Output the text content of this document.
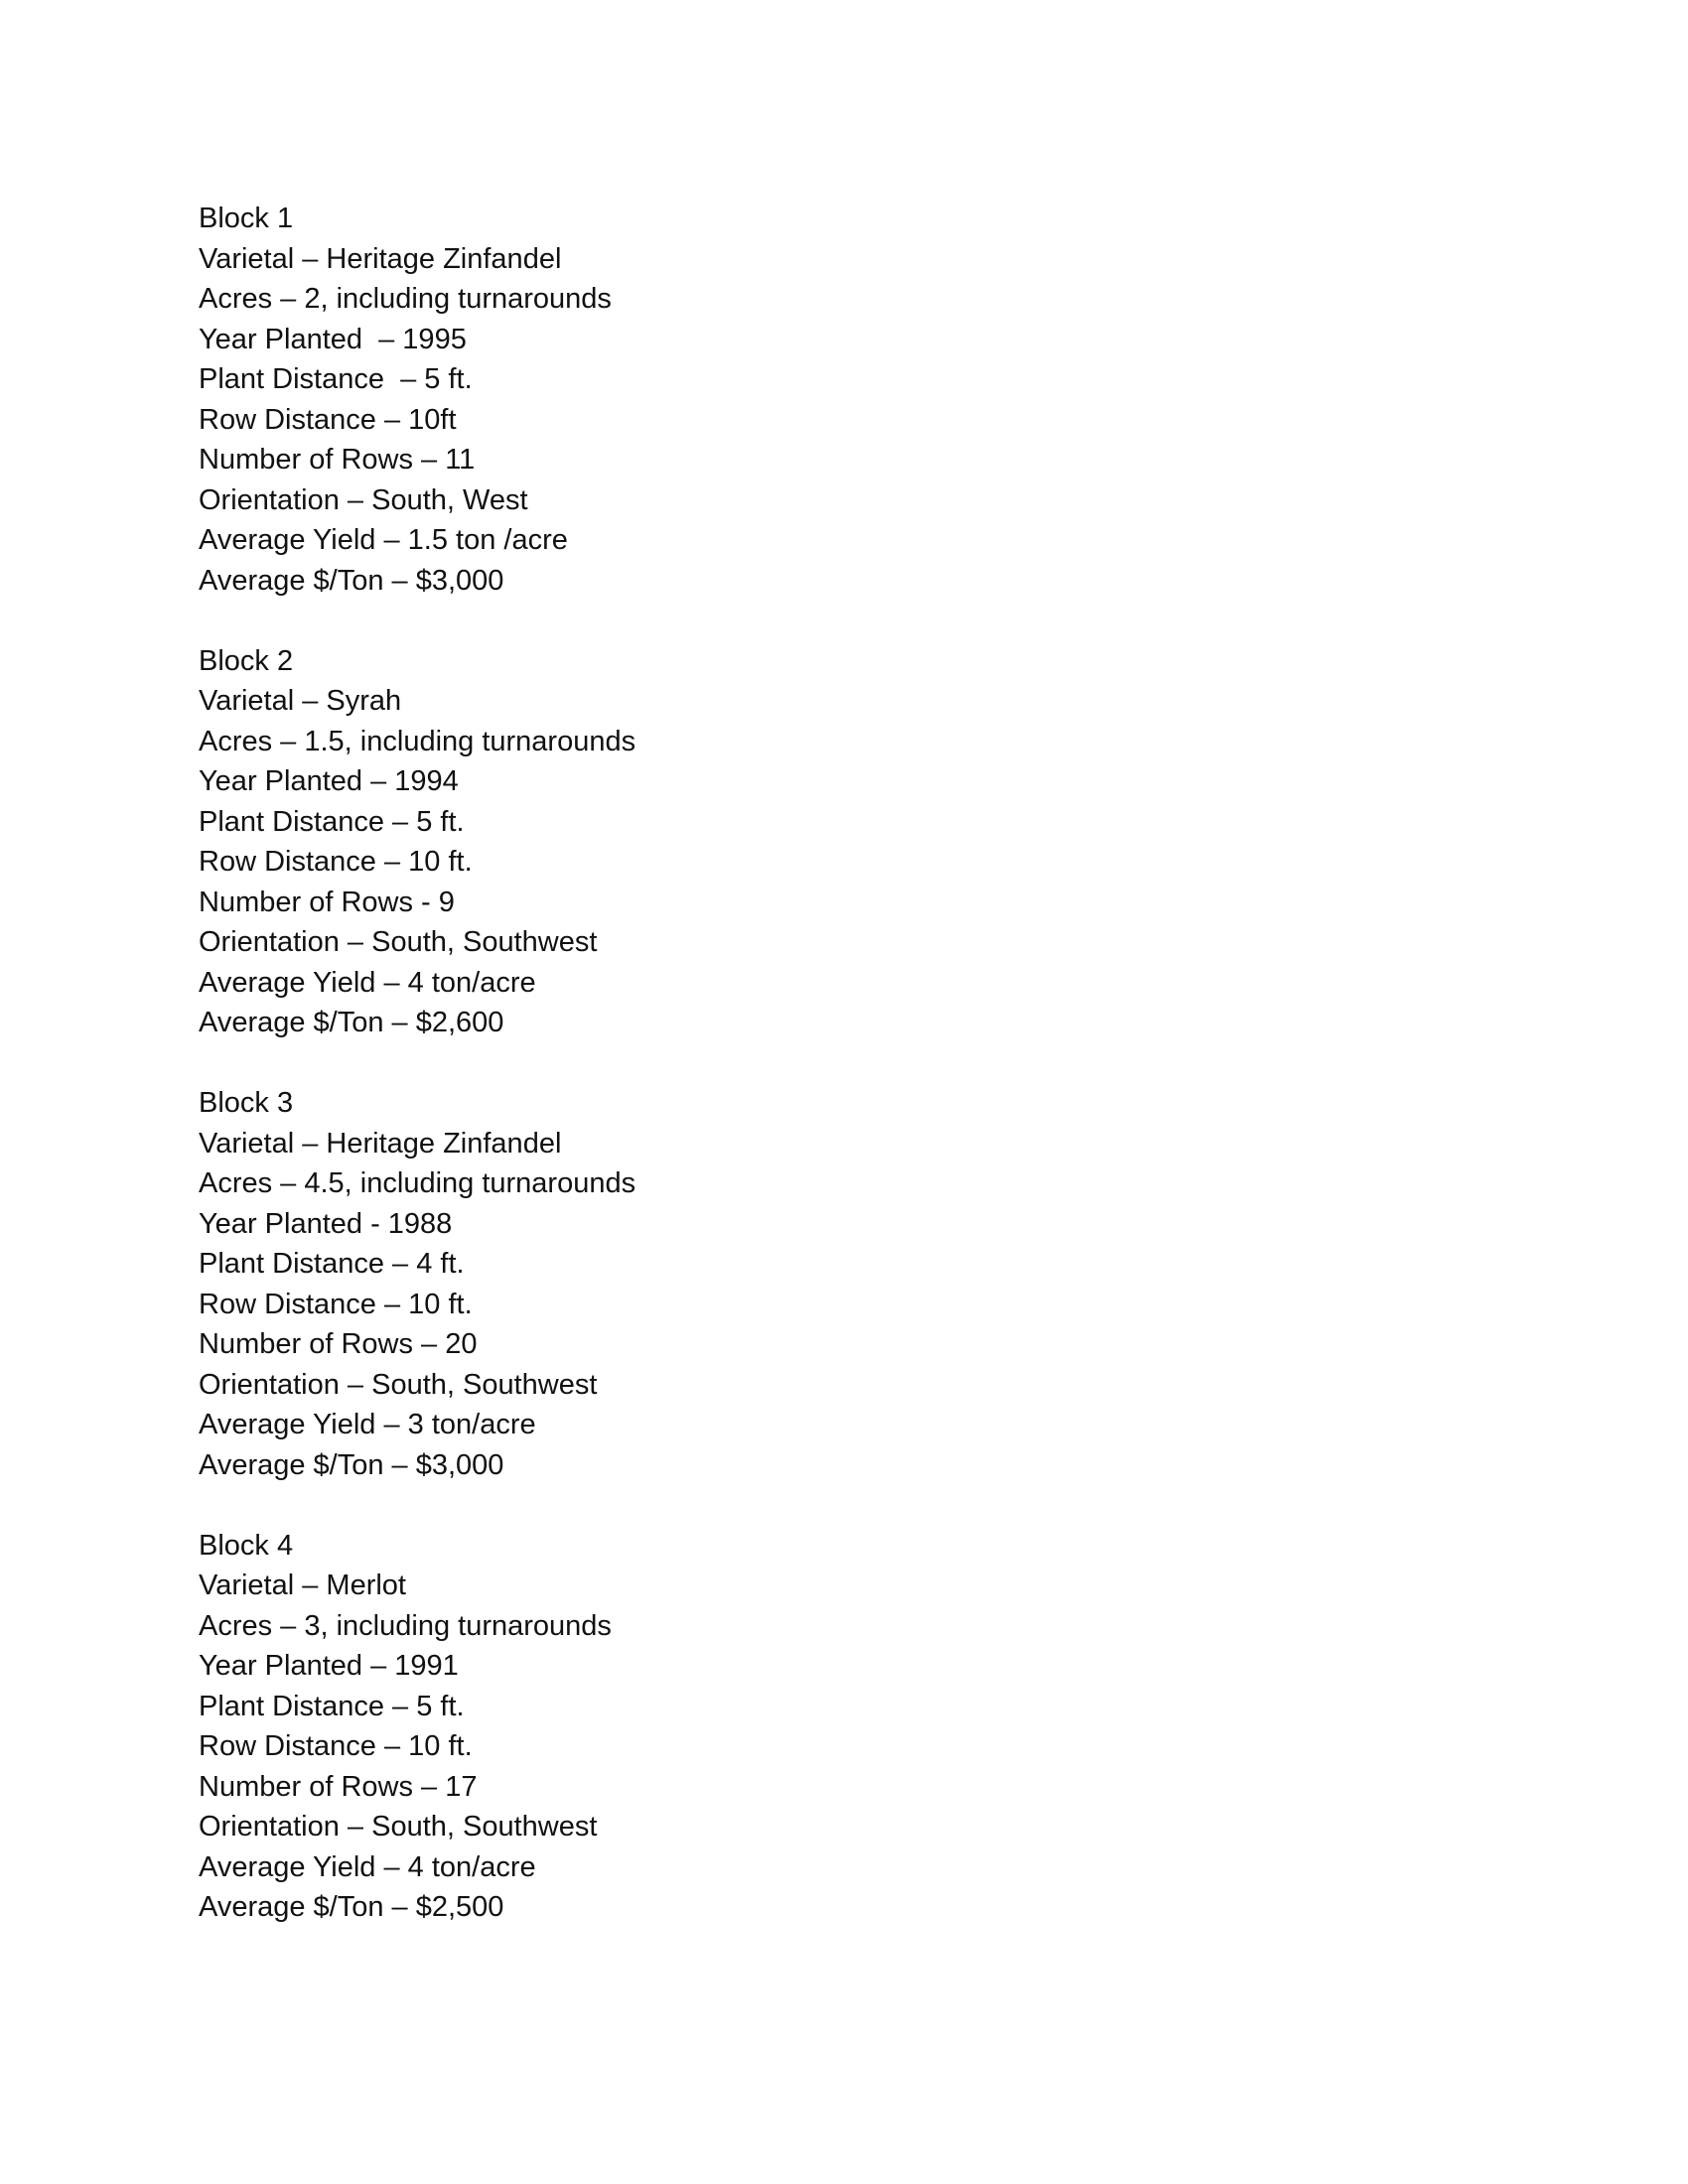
Block 1
Varietal – Heritage Zinfandel
Acres – 2, including turnarounds
Year Planted  – 1995
Plant Distance  – 5 ft.
Row Distance – 10ft
Number of Rows – 11
Orientation – South, West
Average Yield – 1.5 ton /acre
Average $/Ton – $3,000
Block 2
Varietal – Syrah
Acres – 1.5, including turnarounds
Year Planted – 1994
Plant Distance – 5 ft.
Row Distance – 10 ft.
Number of Rows - 9
Orientation – South, Southwest
Average Yield – 4 ton/acre
Average $/Ton – $2,600
Block 3
Varietal – Heritage Zinfandel
Acres – 4.5, including turnarounds
Year Planted - 1988
Plant Distance – 4 ft.
Row Distance – 10 ft.
Number of Rows – 20
Orientation – South, Southwest
Average Yield – 3 ton/acre
Average $/Ton – $3,000
Block 4
Varietal – Merlot
Acres – 3, including turnarounds
Year Planted – 1991
Plant Distance – 5 ft.
Row Distance – 10 ft.
Number of Rows – 17
Orientation – South, Southwest
Average Yield – 4 ton/acre
Average $/Ton – $2,500
